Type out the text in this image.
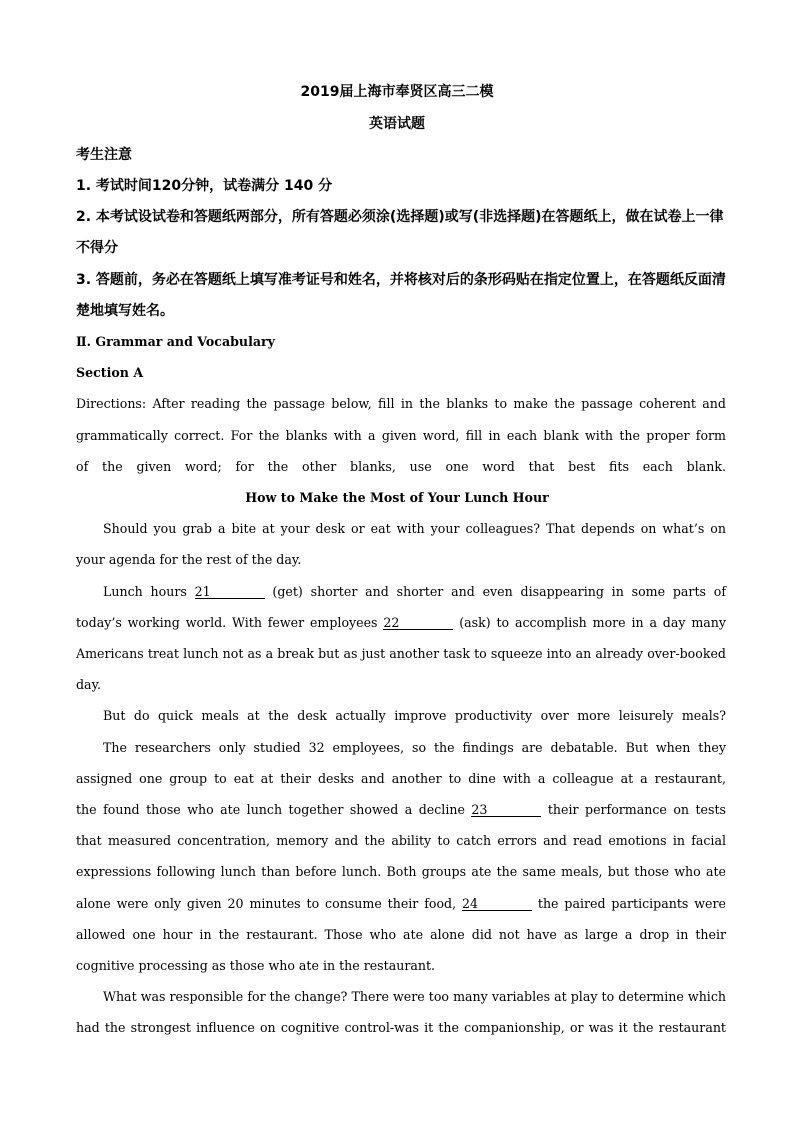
2019届上海市奉贤区高三二模
英语试题
考生注意
1. 考试时间120分钟，试卷满分 140 分
2. 本考试设试卷和答题纸两部分，所有答题必须涂(选择题)或写(非选择题)在答题纸上，做在试卷上一律
不得分
3. 答题前，务必在答题纸上填写准考证号和姓名，并将核对后的条形码贴在指定位置上，在答题纸反面清
楚地填写姓名。
Ⅱ. Grammar and Vocabulary
Section A
Directions: After reading the passage below, fill in the blanks to make the passage coherent and
grammatically correct. For the blanks with a given word, fill in each blank with the proper form
of the given word; for the other blanks, use one word that best fits each blank.
How to Make the Most of Your Lunch Hour
Should you grab a bite at your desk or eat with your colleagues? That depends on what’s on
your agenda for the rest of the day.
Lunch hours 21	(get) shorter and shorter and even disappearing in some parts of
today’s working world. With fewer employees 22	(ask) to accomplish more in a day many
Americans treat lunch not as a break but as just another task to squeeze into an already over-booked
day.
But do quick meals at the desk actually improve productivity over more leisurely meals?
The researchers only studied 32 employees, so the findings are debatable. But when they
assigned one group to eat at their desks and another to dine with a colleague at a restaurant,
the found those who ate lunch together showed a decline 23	their performance on tests
that measured concentration, memory and the ability to catch errors and read emotions in facial
expressions following lunch than before lunch. Both groups ate the same meals, but those who ate
alone were only given 20 minutes to consume their food, 24	the paired participants were
allowed one hour in the restaurant. Those who ate alone did not have as large a drop in their
cognitive processing as those who ate in the restaurant.
What was responsible for the change? There were too many variables at play to determine which
had the strongest influence on cognitive control-was it the companionship, or was it the restaurant
